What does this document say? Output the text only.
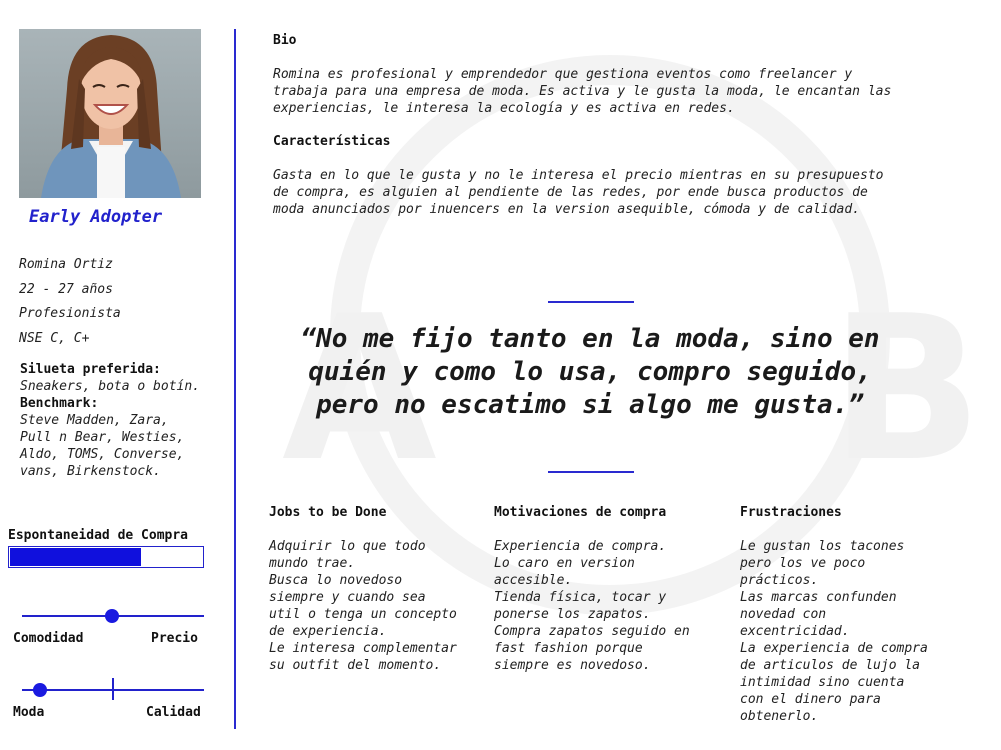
A B
Early Adopter
Romina Ortiz
22 - 27 años
Profesionista
NSE C, C+
Silueta preferida:
Sneakers, bota o botín.
Benchmark:
Steve Madden, Zara,
Pull n Bear, Westies,
Aldo, TOMS, Converse,
vans, Birkenstock.
Espontaneidad de Compra
Comodidad	Precio
Moda	Calidad
Bio
Romina es profesional y emprendedor que gestiona eventos como freelancer y
trabaja para una empresa de moda. Es activa y le gusta la moda, le encantan las
experiencias, le interesa la ecología y es activa en redes.
Características
Gasta en lo que le gusta y no le interesa el precio mientras en su presupuesto
de compra, es alguien al pendiente de las redes, por ende busca productos de
moda anunciados por inuencers en la version asequible, cómoda y de calidad.
“No me fijo tanto en la moda, sino en
quién y como lo usa, compro seguido,
pero no escatimo si algo me gusta.”
Jobs to be Done
Adquirir lo que todo
mundo trae.
Busca lo novedoso
siempre y cuando sea
util o tenga un concepto
de experiencia.
Le interesa complementar
su outfit del momento.
Motivaciones de compra
Experiencia de compra.
Lo caro en version
accesible.
Tienda física, tocar y
ponerse los zapatos.
Compra zapatos seguido en
fast fashion porque
siempre es novedoso.
Frustraciones
Le gustan los tacones
pero los ve poco
prácticos.
Las marcas confunden
novedad con
excentricidad.
La experiencia de compra
de articulos de lujo la
intimidad sino cuenta
con el dinero para
obtenerlo.
